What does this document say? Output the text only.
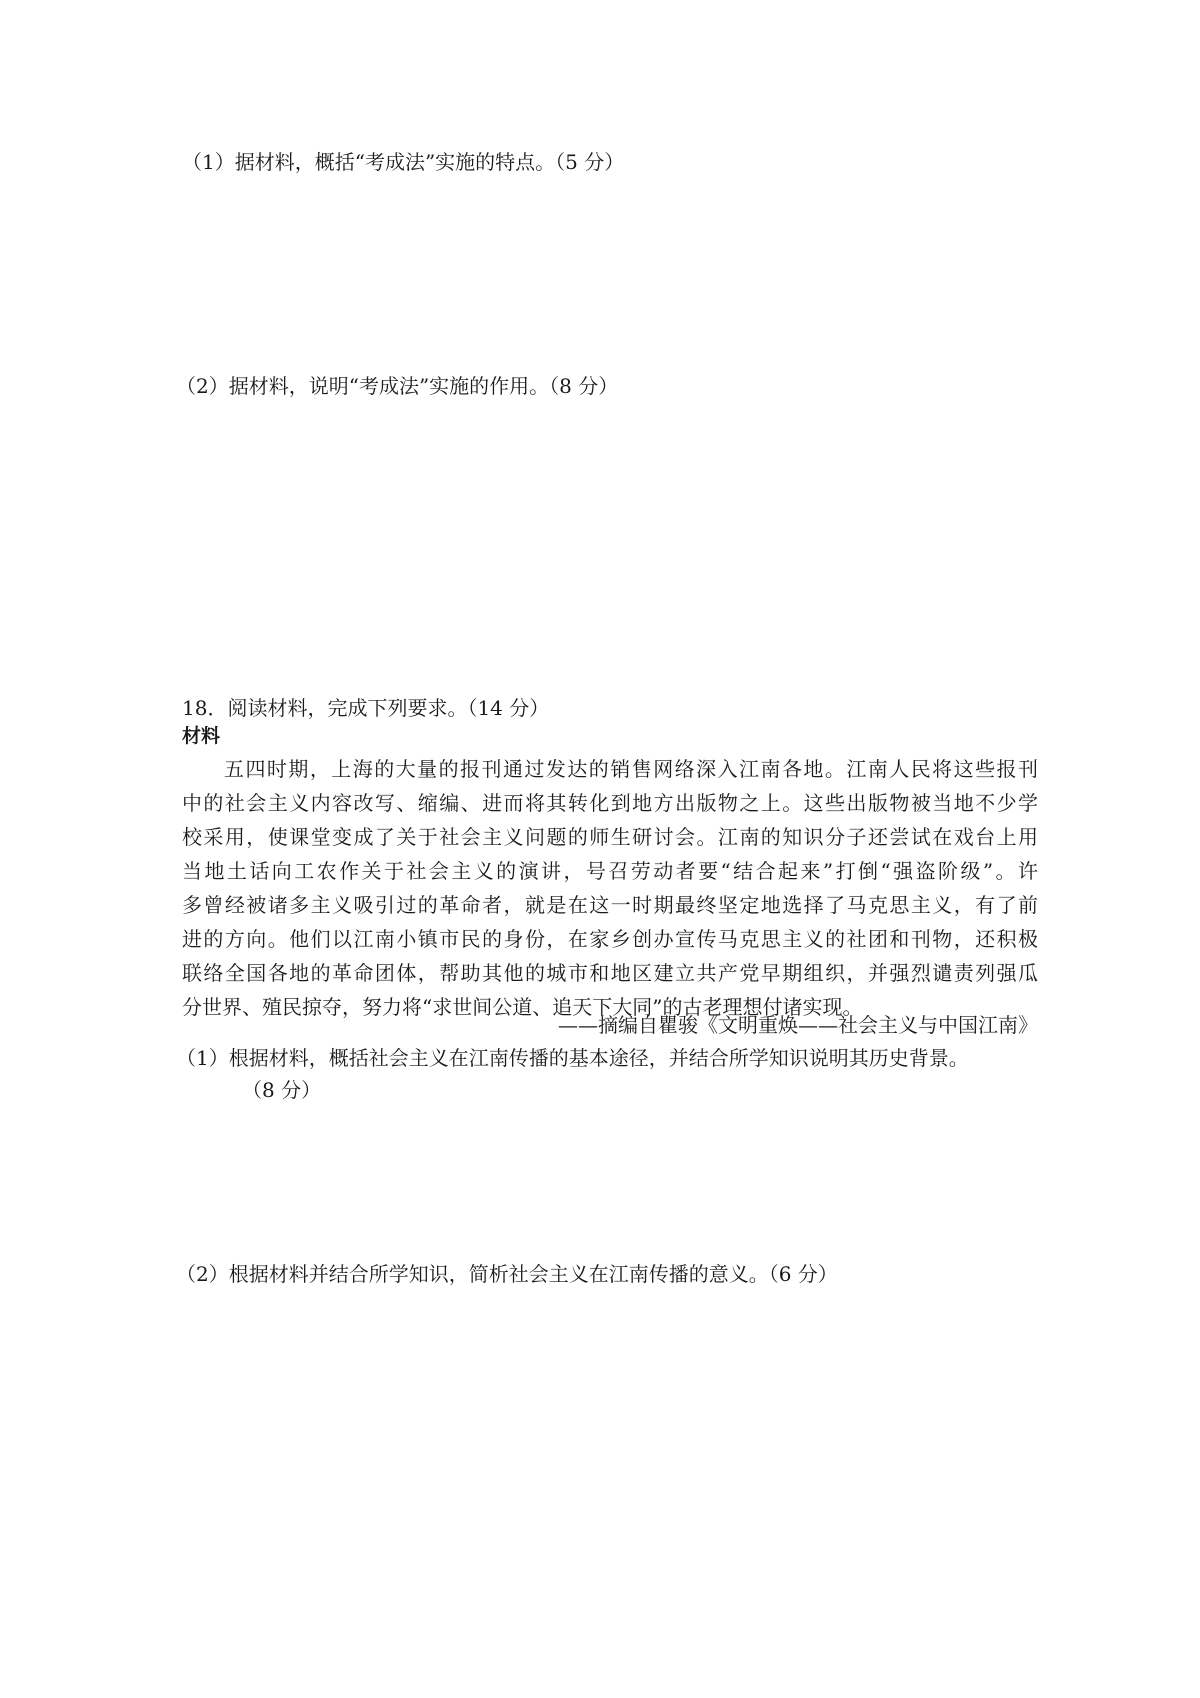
（1）据材料，概括“考成法”实施的特点。（5 分）
（2）据材料，说明“考成法”实施的作用。（8 分）
18．阅读材料，完成下列要求。（14 分）
材料
五四时期，上海的大量的报刊通过发达的销售网络深入江南各地。江南人民将这些报刊
中的社会主义内容改写、缩编、进而将其转化到地方出版物之上。这些出版物被当地不少学
校采用，使课堂变成了关于社会主义问题的师生研讨会。江南的知识分子还尝试在戏台上用
当地土话向工农作关于社会主义的演讲，号召劳动者要“结合起来”打倒“强盗阶级”。许
多曾经被诸多主义吸引过的革命者，就是在这一时期最终坚定地选择了马克思主义，有了前
进的方向。他们以江南小镇市民的身份，在家乡创办宣传马克思主义的社团和刊物，还积极
联络全国各地的革命团体，帮助其他的城市和地区建立共产党早期组织，并强烈谴责列强瓜
分世界、殖民掠夺，努力将“求世间公道、追天下大同”的古老理想付诸实现。
——摘编自瞿骏《文明重焕——社会主义与中国江南》
（1）根据材料，概括社会主义在江南传播的基本途径，并结合所学知识说明其历史背景。
（8 分）
（2）根据材料并结合所学知识，简析社会主义在江南传播的意义。（6 分）
